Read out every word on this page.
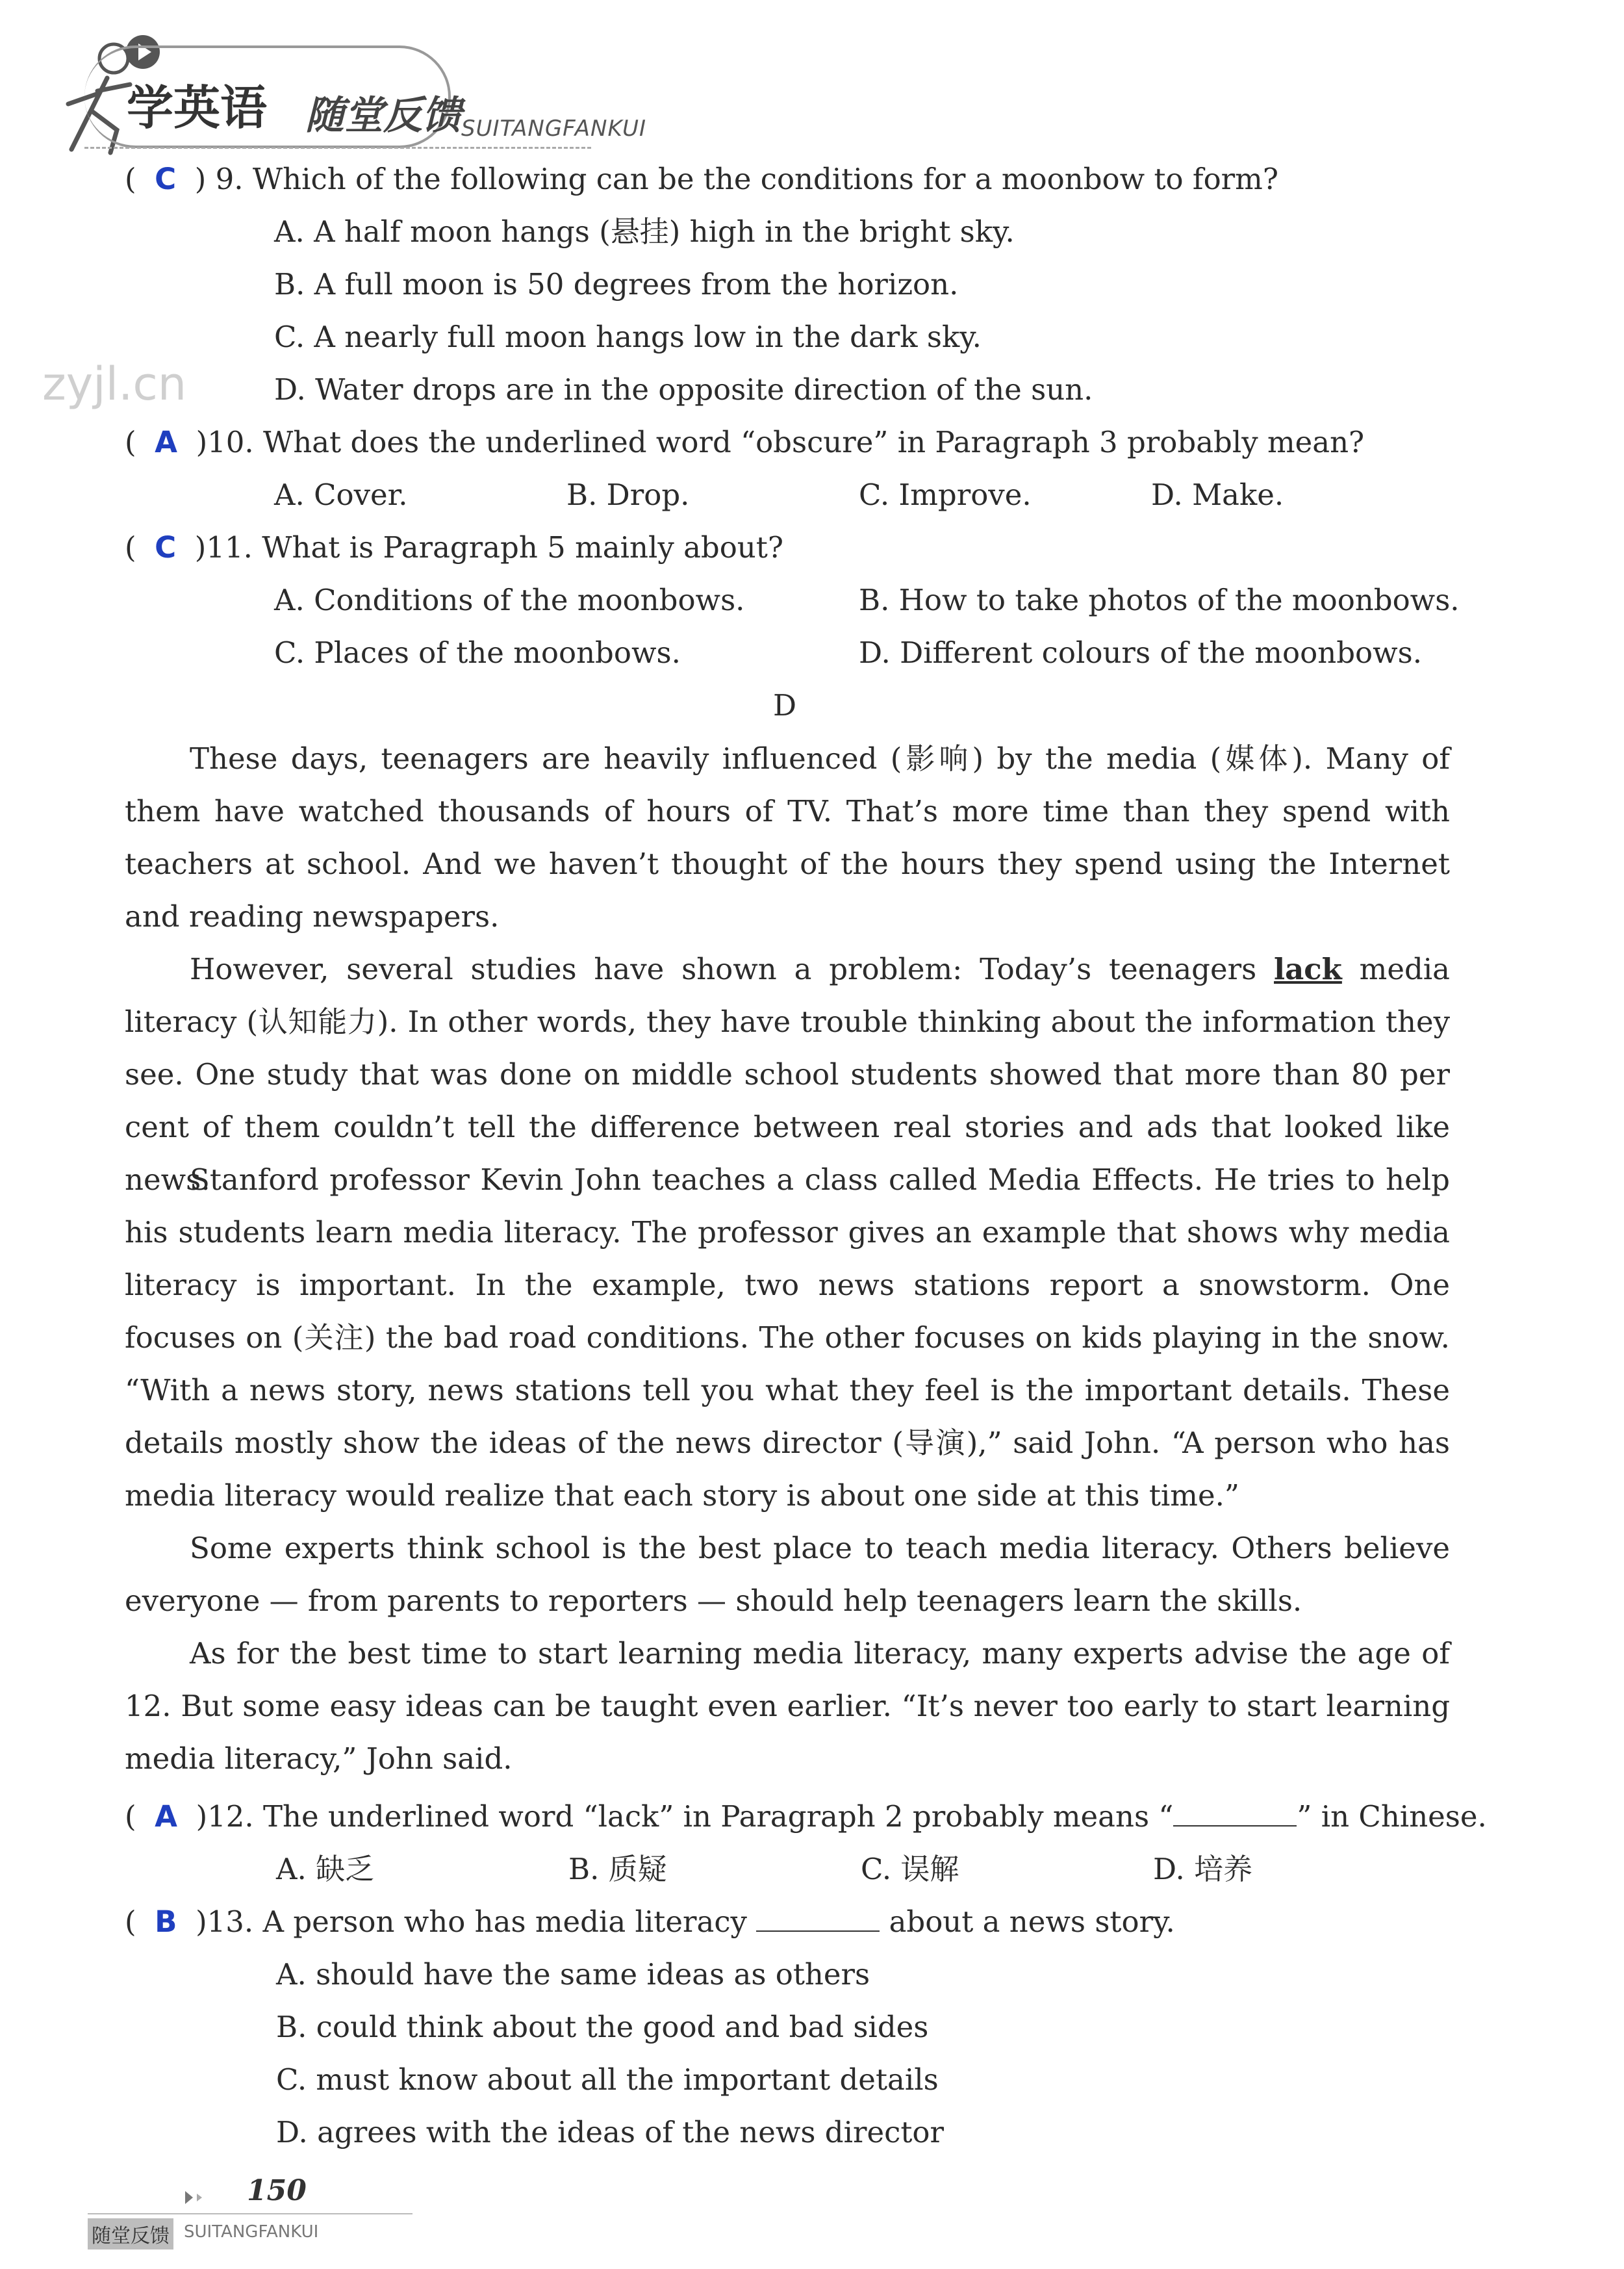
学英语 随堂反馈 SUITANGFANKUI
zyjl.cn
(  C  ) 9. Which of the following can be the conditions for a moonbow to form?
A. A half moon hangs (悬挂) high in the bright sky.
B. A full moon is 50 degrees from the horizon.
C. A nearly full moon hangs low in the dark sky.
D. Water drops are in the opposite direction of the sun.
(  A  )10. What does the underlined word “obscure” in Paragraph 3 probably mean?
A. Cover.	B. Drop.	C. Improve.	D. Make.
(  C  )11. What is Paragraph 5 mainly about?
A. Conditions of the moonbows.	B. How to take photos of the moonbows.
C. Places of the moonbows.	D. Different colours of the moonbows.
D

These days, teenagers are heavily influenced (影响) by the media (媒体). Many of them have watched thousands of hours of TV. That’s more time than they spend with teachers at school. And we haven’t thought of the hours they spend using the Internet and reading newspapers.

However, several studies have shown a problem: Today’s teenagers lack media literacy (认知能力). In other words, they have trouble thinking about the information they see. One study that was done on middle school students showed that more than 80 per cent of them couldn’t tell the difference between real stories and ads that looked like news.

Stanford professor Kevin John teaches a class called Media Effects. He tries to help his students learn media literacy. The professor gives an example that shows why media literacy is important. In the example, two news stations report a snowstorm. One focuses on (关注) the bad road conditions. The other focuses on kids playing in the snow. “With a news story, news stations tell you what they feel is the important details. These details mostly show the ideas of the news director (导演),” said John. “A person who has media literacy would realize that each story is about one side at this time.”

Some experts think school is the best place to teach media literacy. Others believe everyone — from parents to reporters — should help teenagers learn the skills.

As for the best time to start learning media literacy, many experts advise the age of 12. But some easy ideas can be taught even earlier. “It’s never too early to start learning media literacy,” John said.

(  A  )12. The underlined word “lack” in Paragraph 2 probably means “	” in Chinese.
A. 缺乏	B. 质疑	C. 误解	D. 培养
(  B  )13. A person who has media literacy	about a news story.
A. should have the same ideas as others
B. could think about the good and bad sides
C. must know about all the important details
D. agrees with the ideas of the news director
150
随堂反馈 SUITANGFANKUI
